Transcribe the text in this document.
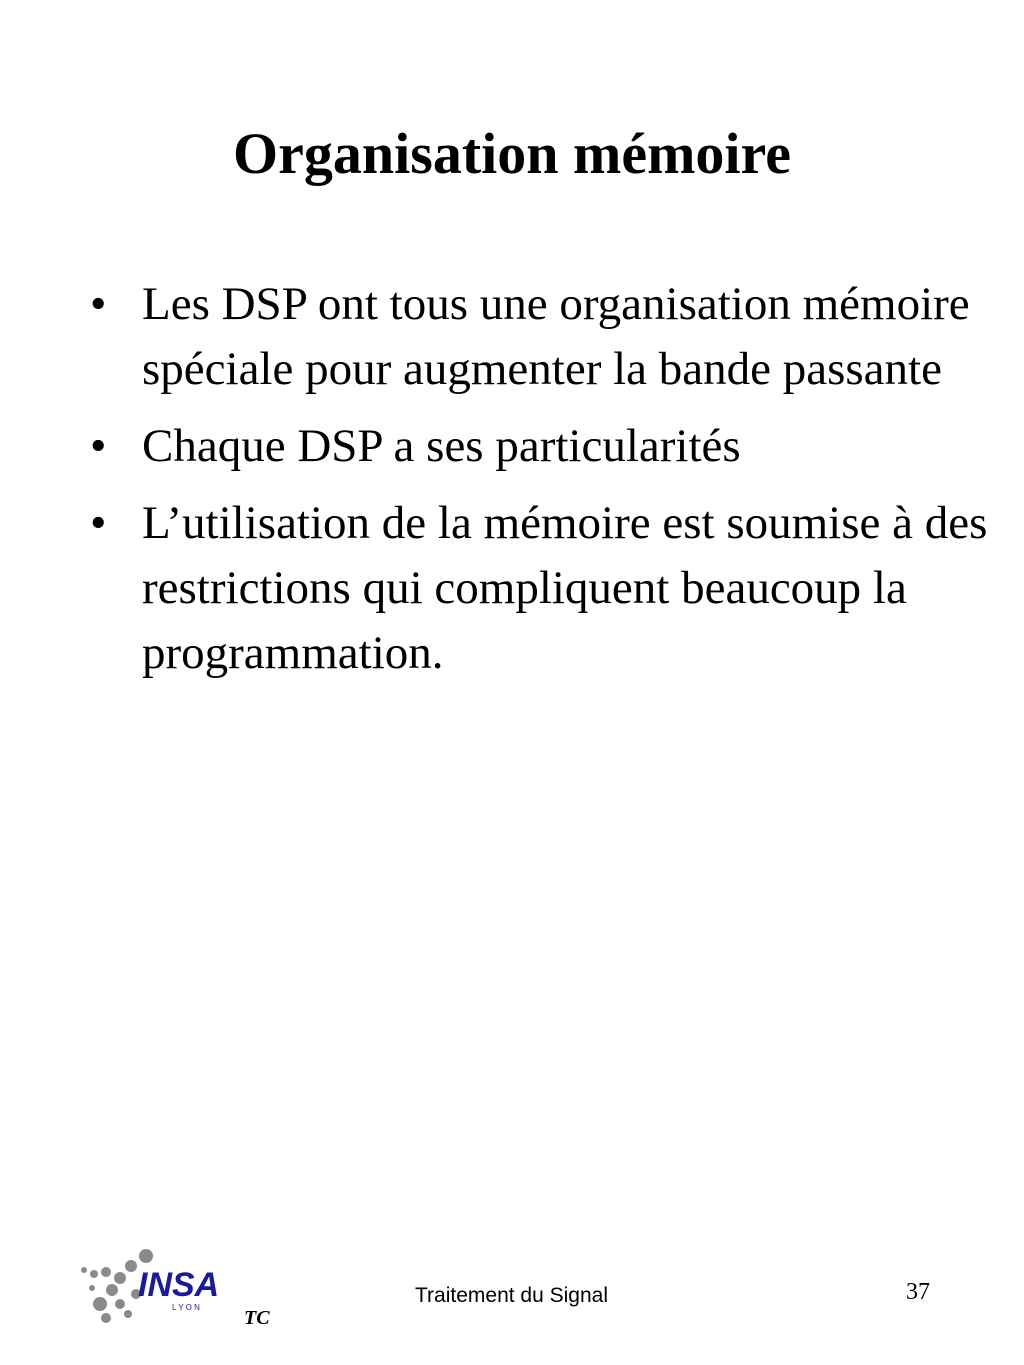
Organisation mémoire
• Les DSP ont tous une organisation mémoire spéciale pour augmenter la bande passante
• Chaque DSP a ses particularités
• L’utilisation de la mémoire est soumise à des restrictions qui compliquent beaucoup la programmation.
INSA
L Y O N TC
Traitement du Signal	37
